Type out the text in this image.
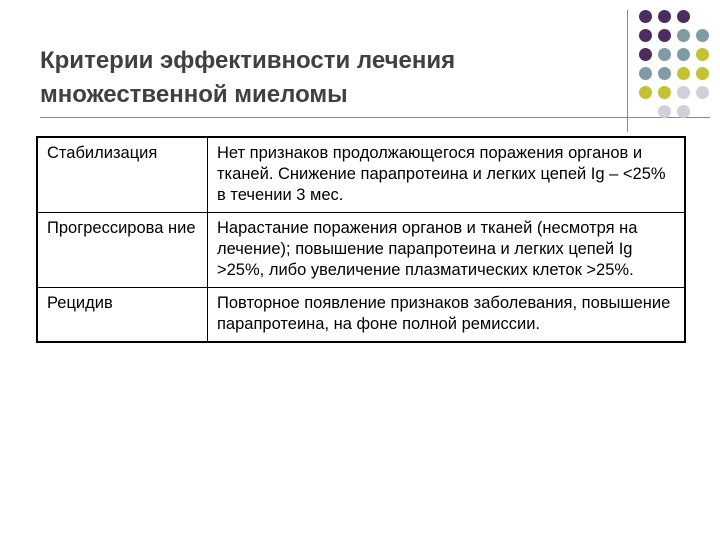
Критерии эффективности лечения
множественной миеломы
Стабилизация	Нет признаков продолжающегося поражения органов и тканей. Снижение парапротеина и легких цепей Ig – <25% в течении 3 мес.
Прогрессирова ние	Нарастание поражения органов и тканей (несмотря на лечение); повышение парапротеина и легких цепей Ig >25%, либо увеличение плазматических клеток >25%.
Рецидив	Повторное появление признаков заболевания, повышение парапротеина, на фоне полной ремиссии.
